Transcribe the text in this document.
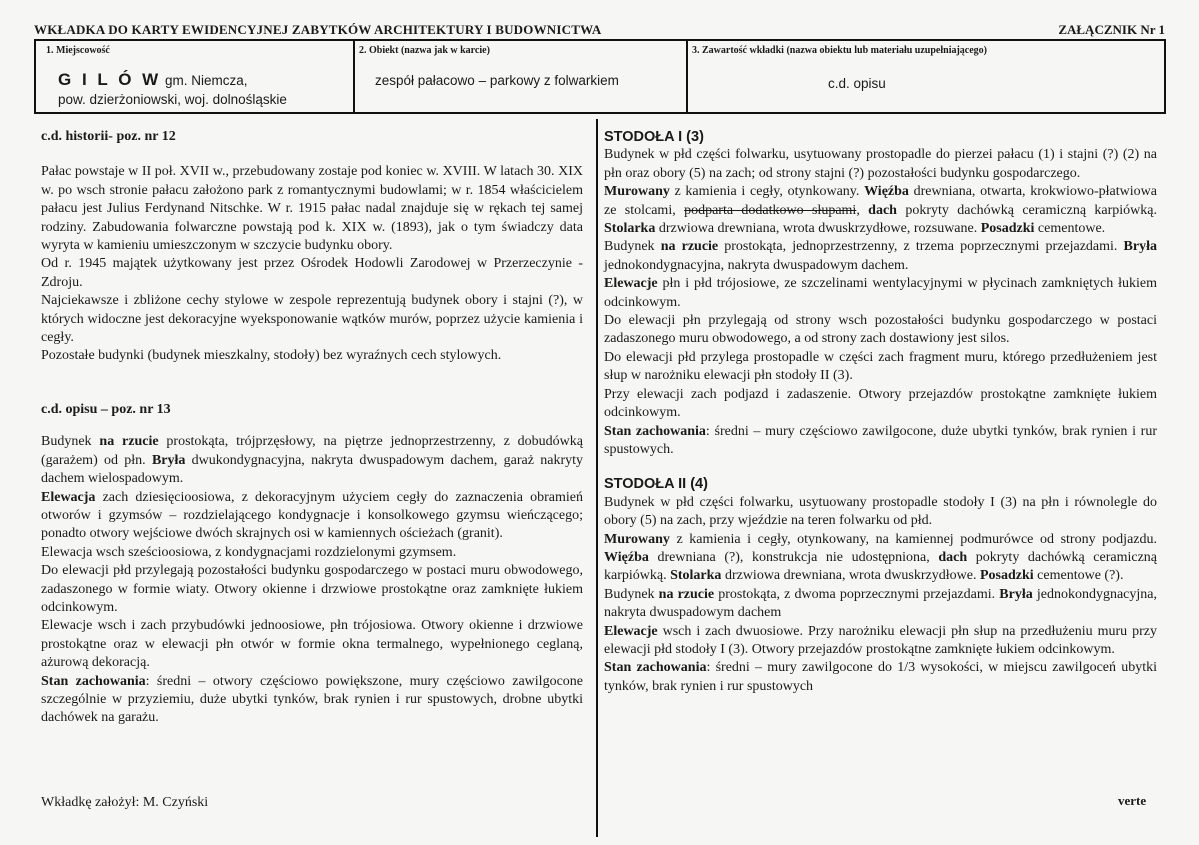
WKŁADKA DO KARTY EWIDENCYJNEJ ZABYTKÓW ARCHITEKTURY I BUDOWNICTWA	ZAŁĄCZNIK Nr 1
1. Miejscowość
G I L Ó W gm. Niemcza,
pow. dzierżoniowski, woj. dolnośląskie
2. Obiekt (nazwa jak w karcie)
zespół pałacowo – parkowy z folwarkiem
3. Zawartość wkładki (nazwa obiektu lub materiału uzupełniającego)
c.d. opisu

c.d. historii- poz. nr 12

Pałac powstaje w II poł. XVII w., przebudowany zostaje pod koniec w. XVIII. W latach 30. XIX w. po wsch stronie pałacu założono park z romantycznymi budowlami; w r. 1854 właścicielem pałacu jest Julius Ferdynand Nitschke. W r. 1915 pałac nadal znajduje się w rękach tej samej rodziny. Zabudowania folwarczne powstają pod k. XIX w. (1893), jak o tym świadczy data wyryta w kamieniu umieszczonym w szczycie budynku obory.

Od r. 1945 majątek użytkowany jest przez Ośrodek Hodowli Zarodowej w Przerzeczynie - Zdroju.

Najciekawsze i zbliżone cechy stylowe w zespole reprezentują budynek obory i stajni (?), w których widoczne jest dekoracyjne wyeksponowanie wątków murów, poprzez użycie kamienia i cegły.

Pozostałe budynki (budynek mieszkalny, stodoły) bez wyraźnych cech stylowych.

c.d. opisu – poz. nr 13

Budynek na rzucie prostokąta, trójprzęsłowy, na piętrze jednoprzestrzenny, z dobudówką (garażem) od płn. Bryła dwukondygnacyjna, nakryta dwuspadowym dachem, garaż nakryty dachem wielospadowym.

Elewacja zach dziesięcioosiowa, z dekoracyjnym użyciem cegły do zaznaczenia obramień otworów i gzymsów – rozdzielającego kondygnacje i konsolkowego gzymsu wieńczącego; ponadto otwory wejściowe dwóch skrajnych osi w kamiennych ościeżach (granit).

Elewacja wsch sześcioosiowa, z kondygnacjami rozdzielonymi gzymsem.

Do elewacji płd przylegają pozostałości budynku gospodarczego w postaci muru obwodowego, zadaszonego w formie wiaty. Otwory okienne i drzwiowe prostokątne oraz zamknięte łukiem odcinkowym.

Elewacje wsch i zach przybudówki jednoosiowe, płn trójosiowa. Otwory okienne i drzwiowe prostokątne oraz w elewacji płn otwór w formie okna termalnego, wypełnionego ceglaną, ażurową dekoracją.

Stan zachowania: średni – otwory częściowo powiększone, mury częściowo zawilgocone szczególnie w przyziemiu, duże ubytki tynków, brak rynien i rur spustowych, drobne ubytki dachówek na garażu.

STODOŁA I (3)

Budynek w płd części folwarku, usytuowany prostopadle do pierzei pałacu (1) i stajni (?) (2) na płn oraz obory (5) na zach; od strony stajni (?) pozostałości budynku gospodarczego.

Murowany z kamienia i cegły, otynkowany. Więźba drewniana, otwarta, krokwiowo-płatwiowa ze stolcami, podparta dodatkowo słupami, dach pokryty dachówką ceramiczną karpiówką. Stolarka drzwiowa drewniana, wrota dwuskrzydłowe, rozsuwane. Posadzki cementowe.

Budynek na rzucie prostokąta, jednoprzestrzenny, z trzema poprzecznymi przejazdami. Bryła jednokondygnacyjna, nakryta dwuspadowym dachem.

Elewacje płn i płd trójosiowe, ze szczelinami wentylacyjnymi w płycinach zamkniętych łukiem odcinkowym.

Do elewacji płn przylegają od strony wsch pozostałości budynku gospodarczego w postaci zadaszonego muru obwodowego, a od strony zach dostawiony jest silos.

Do elewacji płd przylega prostopadle w części zach fragment muru, którego przedłużeniem jest słup w narożniku elewacji płn stodoły II (3).

Przy elewacji zach podjazd i zadaszenie. Otwory przejazdów prostokątne zamknięte łukiem odcinkowym.

Stan zachowania: średni – mury częściowo zawilgocone, duże ubytki tynków, brak rynien i rur spustowych.

STODOŁA II (4)

Budynek w płd części folwarku, usytuowany prostopadle stodoły I (3) na płn i równolegle do obory (5) na zach, przy wjeździe na teren folwarku od płd.

Murowany z kamienia i cegły, otynkowany, na kamiennej podmurówce od strony podjazdu. Więźba drewniana (?), konstrukcja nie udostępniona, dach pokryty dachówką ceramiczną karpiówką. Stolarka drzwiowa drewniana, wrota dwuskrzydłowe. Posadzki cementowe (?).

Budynek na rzucie prostokąta, z dwoma poprzecznymi przejazdami. Bryła jednokondygnacyjna, nakryta dwuspadowym dachem

Elewacje wsch i zach dwuosiowe. Przy narożniku elewacji płn słup na przedłużeniu muru przy elewacji płd stodoły I (3). Otwory przejazdów prostokątne zamknięte łukiem odcinkowym.

Stan zachowania: średni – mury zawilgocone do 1/3 wysokości, w miejscu zawilgoceń ubytki tynków, brak rynien i rur spustowych

Wkładkę założył: M. Czyński	verte
